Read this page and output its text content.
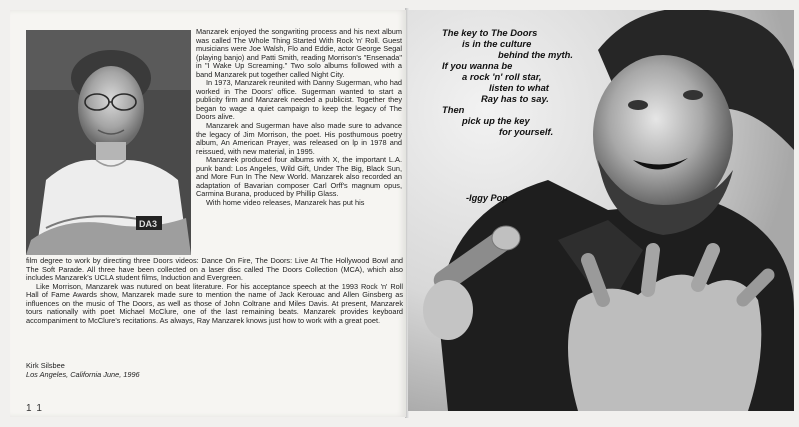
DA3

Manzarek enjoyed the songwriting process and his next album was called The Whole Thing Started With Rock 'n' Roll. Guest musicians were Joe Walsh, Flo and Eddie, actor George Segal (playing banjo) and Patti Smith, reading Morrison's "Ensenada" in "I Wake Up Screaming." Two solo albums followed with a band Manzarek put together called Night City.

In 1973, Manzarek reunited with Danny Sugerman, who had worked in The Doors' office. Sugerman wanted to start a publicity firm and Manzarek needed a publicist. Together they began to wage a quiet campaign to keep the legacy of The Doors alive.

Manzarek and Sugerman have also made sure to advance the legacy of Jim Morrison, the poet. His posthumous poetry album, An American Prayer, was released on lp in 1978 and reissued, with new material, in 1995.

Manzarek produced four albums with X, the important L.A. punk band: Los Angeles, Wild Gift, Under The Big, Black Sun, and More Fun In The New World. Manzarek also recorded an adaptation of Bavarian composer Carl Orff's magnum opus, Carmina Burana, produced by Phillip Glass.

With home video releases, Manzarek has put his

film degree to work by directing three Doors videos: Dance On Fire, The Doors: Live At The Hollywood Bowl and The Soft Parade. All three have been collected on a laser disc called The Doors Collection (MCA), which also includes Manzarek's UCLA student films, Induction and Evergreen.

Like Morrison, Manzarek was nutured on beat literature. For his acceptance speech at the 1993 Rock 'n' Roll Hall of Fame Awards show, Manzarek made sure to mention the name of Jack Kerouac and Allen Ginsberg as influences on the music of The Doors, as well as those of John Coltrane and Miles Davis. At present, Manzarek tours nationally with poet Michael McClure, one of the last remaining beats. Manzarek provides keyboard accompaniment to McClure's recitations. As always, Ray Manzarek knows just how to work with a great poet.

Kirk Silsbee
Los Angeles, California June, 1996
1 1
The key to The Doors
is in the culture
behind the myth.
If you wanna be
a rock 'n' roll star,
listen to what
Ray has to say.
Then
pick up the key
for yourself.
-Iggy Pop
